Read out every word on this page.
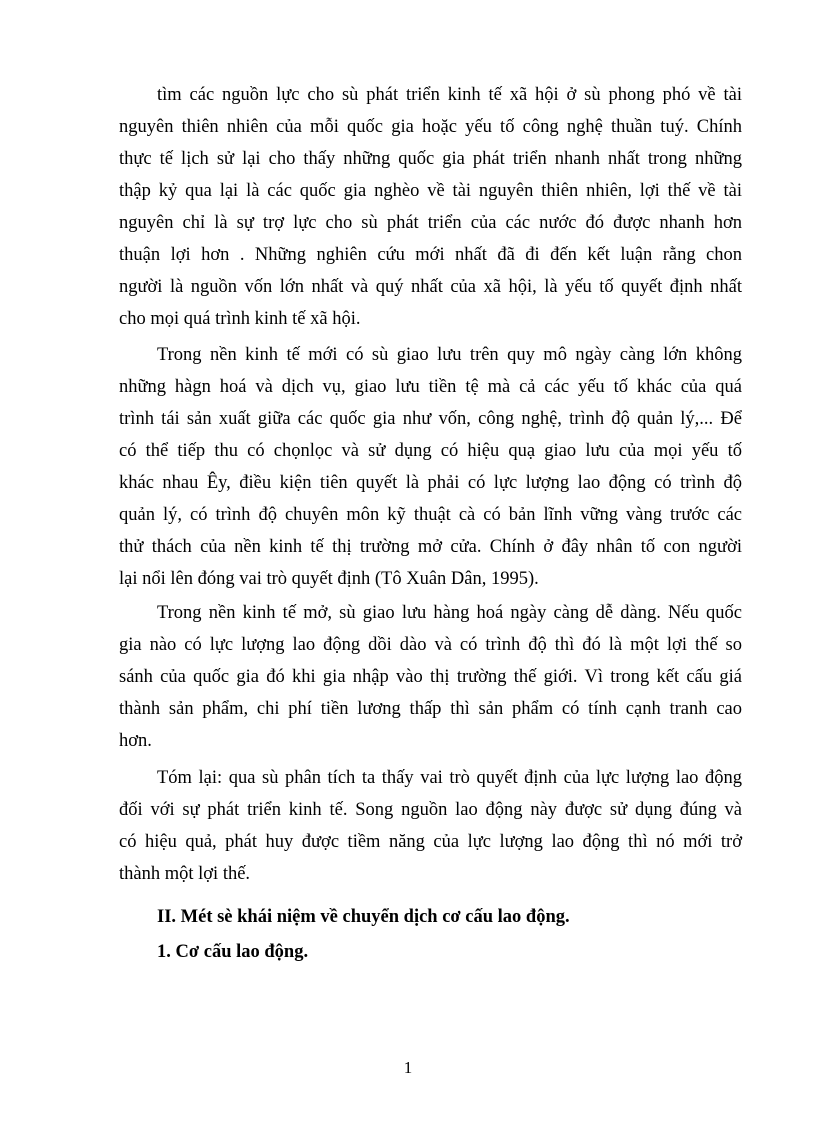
tìm các nguồn lực cho sù phát triển kinh tế xã hội ở sù phong phó về tài
nguyên thiên nhiên của mỗi quốc gia hoặc yếu tố công nghệ thuần tuý. Chính
thực tế lịch sử lại cho thấy những quốc gia phát triển nhanh nhất trong những
thập kỷ qua lại là các quốc gia nghèo về tài nguyên thiên nhiên, lợi thế về tài
nguyên chỉ là sự trợ lực cho sù phát triển của các nước đó được nhanh hơn
thuận lợi hơn . Những nghiên cứu mới nhất đã đi đến kết luận rằng chon
người là nguồn vốn lớn nhất và quý nhất của xã hội, là yếu tố quyết định nhất
cho mọi quá trình kinh tế xã hội.
Trong nền kinh tế mới có sù giao lưu trên quy mô ngày càng lớn không
những hàgn hoá và dịch vụ, giao lưu tiền tệ mà cả các yếu tố khác của quá
trình tái sản xuất giữa các quốc gia như vốn, công nghệ, trình độ quản lý,... Để
có thể tiếp thu có chọnlọc và sử dụng có hiệu quạ giao lưu của mọi yếu tố
khác nhau Êy, điều kiện tiên quyết là phải có lực lượng lao động có trình độ
quản lý, có trình độ chuyên môn kỹ thuật cà có bản lĩnh vững vàng trước các
thử thách của nền kinh tế thị trường mở cửa. Chính ở đây nhân tố con người
lại nổi lên đóng vai trò quyết định (Tô Xuân Dân, 1995).
Trong nền kinh tế mở, sù giao lưu hàng hoá ngày càng dễ dàng. Nếu quốc
gia nào có lực lượng lao động dồi dào và có trình độ thì đó là một lợi thế so
sánh của quốc gia đó khi gia nhập vào thị trường thế giới. Vì trong kết cấu giá
thành sản phẩm, chi phí tiền lương thấp thì sản phẩm có tính cạnh tranh cao
hơn.
Tóm lại: qua sù phân tích ta thấy vai trò quyết định của lực lượng lao động
đối với sự phát triển kinh tế. Song nguồn lao động này được sử dụng đúng và
có hiệu quả, phát huy được tiềm năng của lực lượng lao động thì nó mới trở
thành một lợi thế.
II. Mét sè khái niệm về chuyển dịch cơ cấu lao động.
1. Cơ cấu lao động.
1
